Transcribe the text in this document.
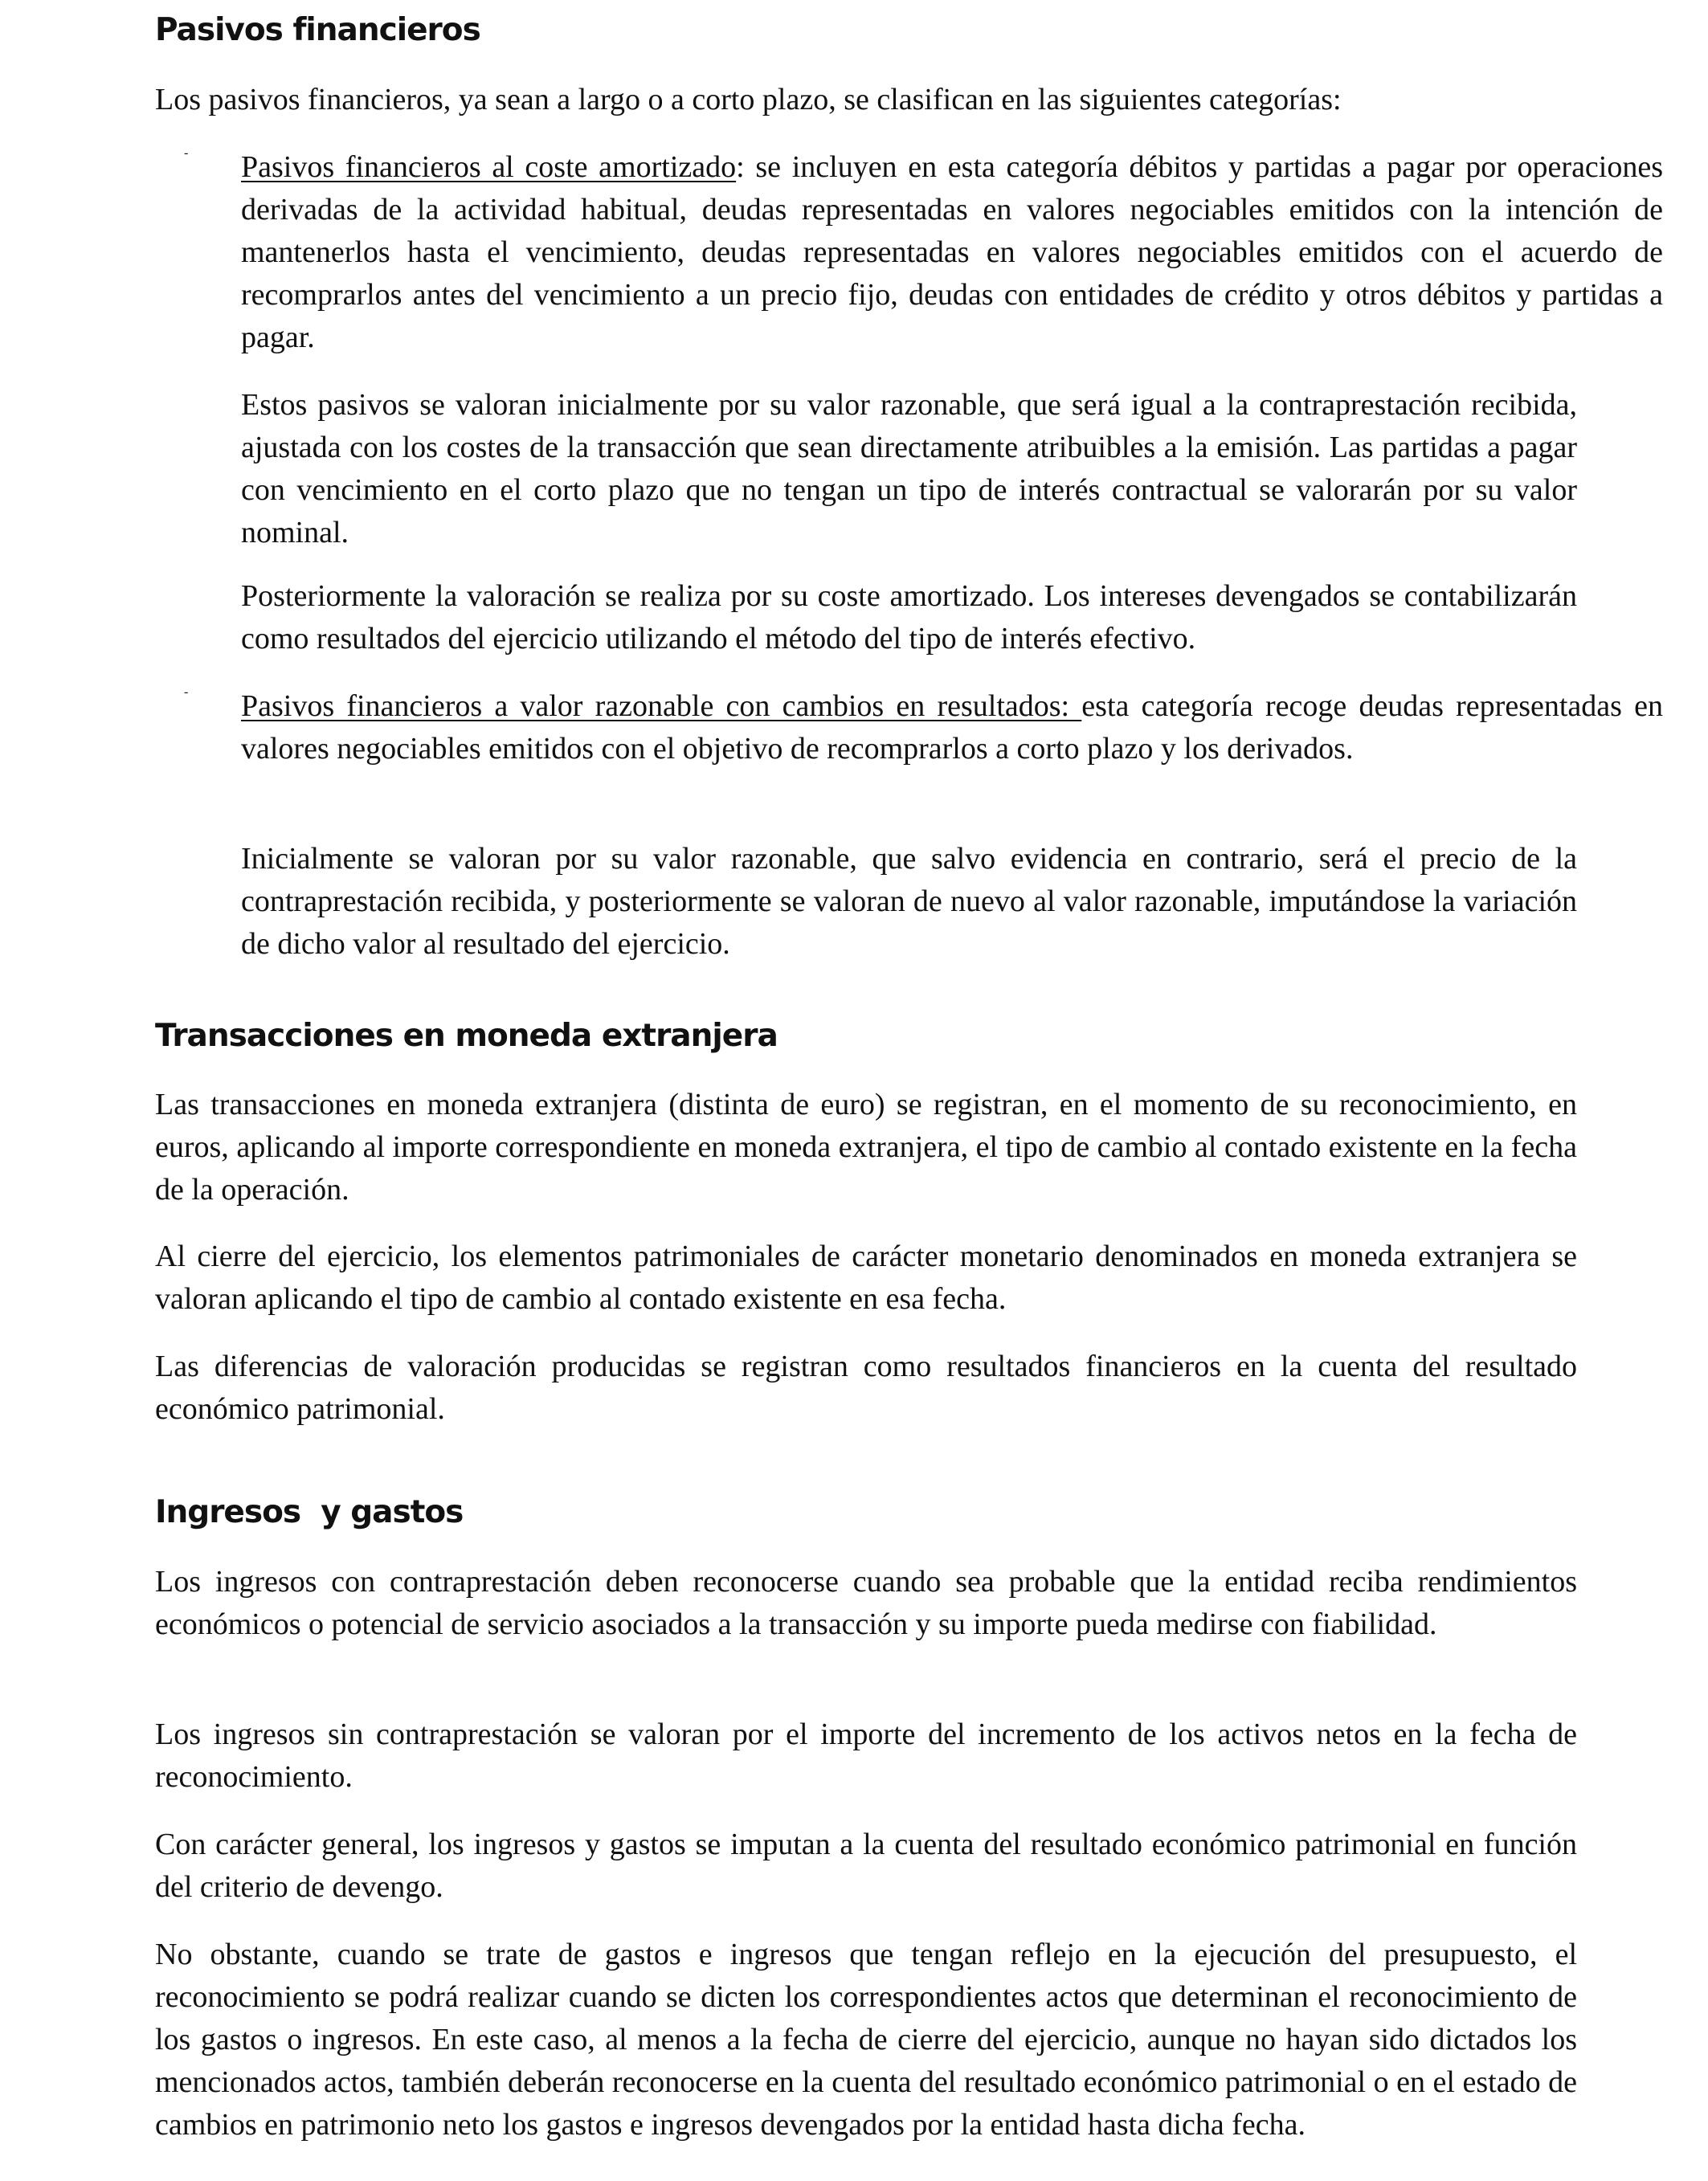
Pasivos financieros

Los pasivos financieros, ya sean a largo o a corto plazo, se clasifican en las siguientes categorías:

- Pasivos financieros al coste amortizado: se incluyen en esta categoría débitos y partidas a pagar por operaciones derivadas de la actividad habitual, deudas representadas en valores negociables emitidos con la intención de mantenerlos hasta el vencimiento, deudas representadas en valores negociables emitidos con el acuerdo de recomprarlos antes del vencimiento a un precio fijo, deudas con entidades de crédito y otros débitos y partidas a pagar.

Estos pasivos se valoran inicialmente por su valor razonable, que será igual a la contraprestación recibida, ajustada con los costes de la transacción que sean directamente atribuibles a la emisión. Las partidas a pagar con vencimiento en el corto plazo que no tengan un tipo de interés contractual se valorarán por su valor nominal.

Posteriormente la valoración se realiza por su coste amortizado. Los intereses devengados se contabilizarán como resultados del ejercicio utilizando el método del tipo de interés efectivo.

- Pasivos financieros a valor razonable con cambios en resultados: esta categoría recoge deudas representadas en valores negociables emitidos con el objetivo de recomprarlos a corto plazo y los derivados.

Inicialmente se valoran por su valor razonable, que salvo evidencia en contrario, será el precio de la contraprestación recibida, y posteriormente se valoran de nuevo al valor razonable, imputándose la variación de dicho valor al resultado del ejercicio.

Transacciones en moneda extranjera

Las transacciones en moneda extranjera (distinta de euro) se registran, en el momento de su reconocimiento, en euros, aplicando al importe correspondiente en moneda extranjera, el tipo de cambio al contado existente en la fecha de la operación.

Al cierre del ejercicio, los elementos patrimoniales de carácter monetario denominados en moneda extranjera se valoran aplicando el tipo de cambio al contado existente en esa fecha.

Las diferencias de valoración producidas se registran como resultados financieros en la cuenta del resultado económico patrimonial.

Ingresos  y gastos

Los ingresos con contraprestación deben reconocerse cuando sea probable que la entidad reciba rendimientos económicos o potencial de servicio asociados a la transacción y su importe pueda medirse con fiabilidad.

Los ingresos sin contraprestación se valoran por el importe del incremento de los activos netos en la fecha de reconocimiento.

Con carácter general, los ingresos y gastos se imputan a la cuenta del resultado económico patrimonial en función del criterio de devengo.

No obstante, cuando se trate de gastos e ingresos que tengan reflejo en la ejecución del presupuesto, el reconocimiento se podrá realizar cuando se dicten los correspondientes actos que determinan el reconocimiento de los gastos o ingresos. En este caso, al menos a la fecha de cierre del ejercicio, aunque no hayan sido dictados los mencionados actos, también deberán reconocerse en la cuenta del resultado económico patrimonial o en el estado de cambios en patrimonio neto los gastos e ingresos devengados por la entidad hasta dicha fecha.
